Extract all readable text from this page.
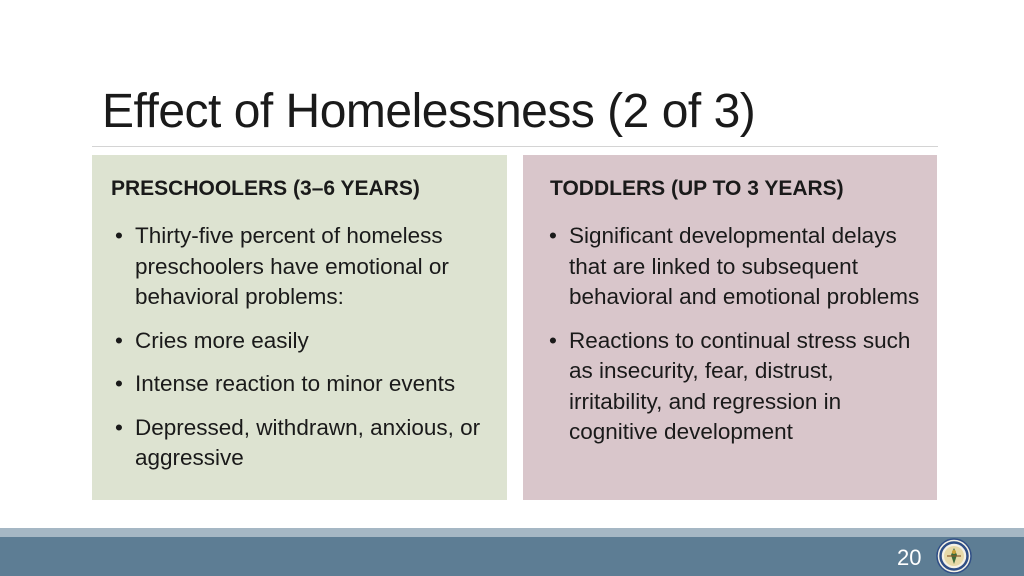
Effect of Homelessness (2 of 3)
PRESCHOOLERS (3–6 YEARS)
• Thirty-five percent of homeless preschoolers have emotional or behavioral problems:
• Cries more easily
• Intense reaction to minor events
• Depressed, withdrawn, anxious, or aggressive
TODDLERS (UP TO 3 YEARS)
• Significant developmental delays that are linked to subsequent behavioral and emotional problems
• Reactions to continual stress such as insecurity, fear, distrust, irritability, and regression in cognitive development
20
